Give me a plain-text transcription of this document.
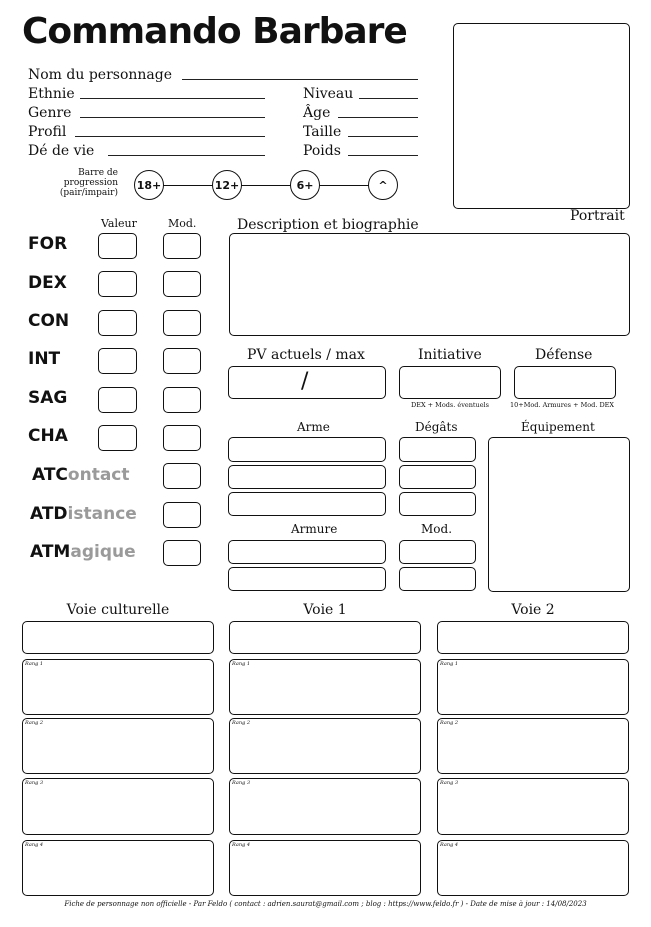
Commando Barbare
Nom du personnage
Ethnie
Genre
Profil
Dé de vie
Niveau
Âge
Taille
Poids
Barre de
progression
(pair/impair)
18+	12+	6+	^
Portrait
Valeur	Mod.
FOR
DEX
CON
INT
SAG
CHA
ATContact
ATDistance
ATMagique
Description et biographie
PV actuels / max
/
Initiative
DEX + Mods. éventuels
Défense
10+Mod. Armures + Mod. DEX
Arme	Dégâts	Équipement
Armure	Mod.
Voie culturelle	Voie 1	Voie 2
Rang 1
Rang 2
Rang 3
Rang 4
Rang 1
Rang 2
Rang 3
Rang 4
Rang 1
Rang 2
Rang 3
Rang 4
Fiche de personnage non officielle - Par Feldo ( contact : adrien.saurat@gmail.com ; blog : https://www.feldo.fr ) - Date de mise à jour : 14/08/2023
